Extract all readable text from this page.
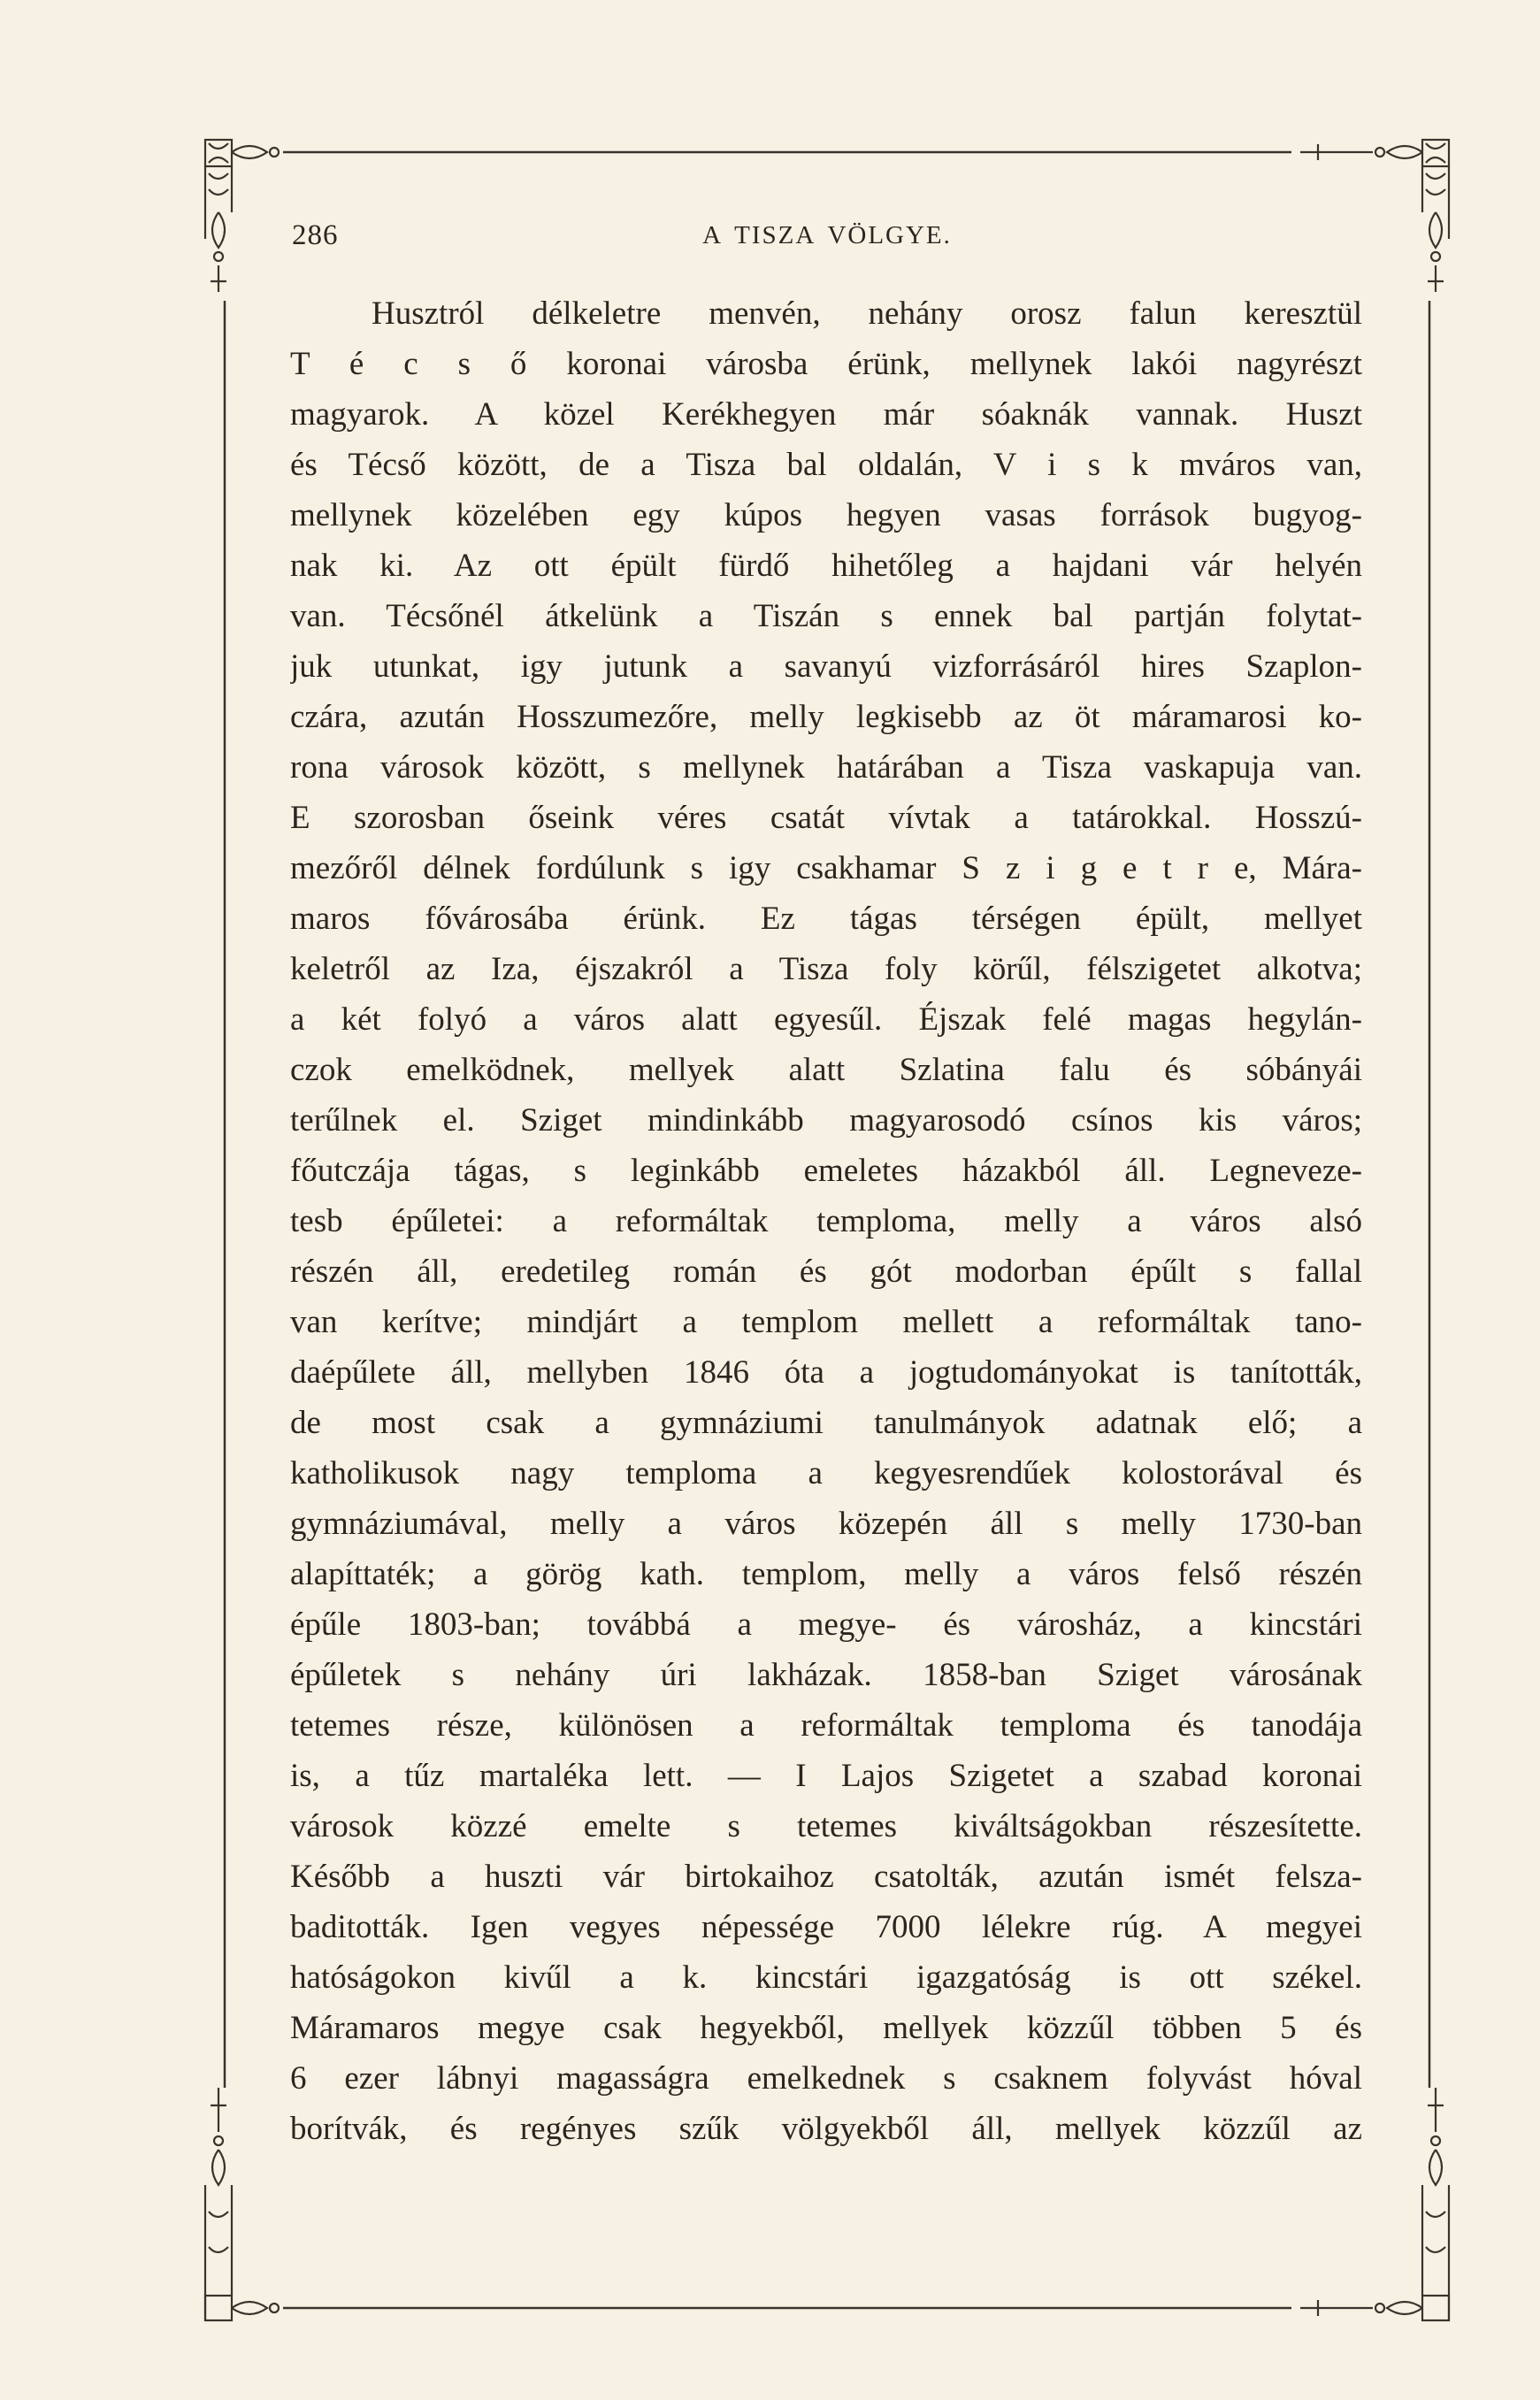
286	A TISZA VÖLGYE.
Husztról délkeletre menvén, nehány orosz falun keresztül
T é c s ő koronai városba érünk, mellynek lakói nagyrészt
magyarok. A közel Kerékhegyen már sóaknák vannak. Huszt
és Técső között, de a Tisza bal oldalán, V i s k mváros van,
mellynek közelében egy kúpos hegyen vasas források bugyog-
nak ki. Az ott épült fürdő hihetőleg a hajdani vár helyén
van. Técsőnél átkelünk a Tiszán s ennek bal partján folytat-
juk utunkat, igy jutunk a savanyú vizforrásáról hires Szaplon-
czára, azután Hosszumezőre, melly legkisebb az öt máramarosi ko-
rona városok között, s mellynek határában a Tisza vaskapuja van.
E szorosban őseink véres csatát vívtak a tatárokkal. Hosszú-
mezőről délnek fordúlunk s igy csakhamar S z i g e t r e, Mára-
maros fővárosába érünk. Ez tágas térségen épült, mellyet
keletről az Iza, éjszakról a Tisza foly körűl, félszigetet alkotva;
a két folyó a város alatt egyesűl. Éjszak felé magas hegylán-
czok emelködnek, mellyek alatt Szlatina falu és sóbányái
terűlnek el. Sziget mindinkább magyarosodó csínos kis város;
főutczája tágas, s leginkább emeletes házakból áll. Legneveze-
tesb épűletei: a reformáltak temploma, melly a város alsó
részén áll, eredetileg román és gót modorban épűlt s fallal
van kerítve; mindjárt a templom mellett a reformáltak tano-
daépűlete áll, mellyben 1846 óta a jogtudományokat is tanították,
de most csak a gymnáziumi tanulmányok adatnak elő; a
katholikusok nagy temploma a kegyesrendűek kolostorával és
gymnáziumával, melly a város közepén áll s melly 1730-ban
alapíttaték; a görög kath. templom, melly a város felső részén
épűle 1803-ban; továbbá a megye- és városház, a kincstári
épűletek s nehány úri lakházak. 1858-ban Sziget városának
tetemes része, különösen a reformáltak temploma és tanodája
is, a tűz martaléka lett. — I Lajos Szigetet a szabad koronai
városok közzé emelte s tetemes kiváltságokban részesítette.
Később a huszti vár birtokaihoz csatolták, azután ismét felsza-
baditották. Igen vegyes népessége 7000 lélekre rúg. A megyei
hatóságokon kivűl a k. kincstári igazgatóság is ott székel.
Máramaros megye csak hegyekből, mellyek közzűl többen 5 és
6 ezer lábnyi magasságra emelkednek s csaknem folyvást hóval
borítvák, és regényes szűk völgyekből áll, mellyek közzűl az
